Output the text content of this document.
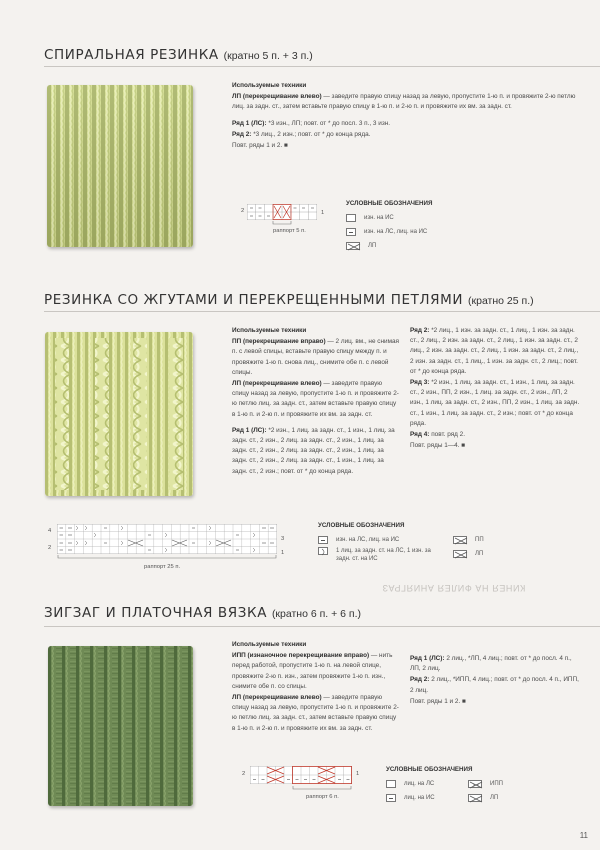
СПИРАЛЬНАЯ РЕЗИНКА (кратно 5 п. + 3 п.)

Используемые техники

ЛП (перекрещивание влево) — заведите правую спицу назад за левую, пропустите 1-ю п. и провяжите 2-ю петлю лиц. за задн. ст., затем вставьте правую спицу в 1-ю п. и 2-ю п. и провяжите их вм. за задн. ст.

Ряд 1 (ЛС): *3 изн., ЛП; повт. от * до посл. 3 п., 3 изн.

Ряд 2: *3 лиц., 2 изн.; повт. от * до конца ряда.

Повт. ряды 1 и 2. ■

2	1
раппорт 5 п.
УСЛОВНЫЕ ОБОЗНАЧЕНИЯ
изн. на ИС
изн. на ЛС, лиц. на ИС
ЛП
РЕЗИНКА СО ЖГУТАМИ И ПЕРЕКРЕЩЕННЫМИ ПЕТЛЯМИ (кратно 25 п.)

Используемые техники

ПП (перекрещивание вправо) — 2 лиц. вм., не снимая п. с левой спицы, вставьте правую спицу между п. и провяжите 1-ю п. снова лиц., снимите обе п. с левой спицы.

ЛП (перекрещивание влево) — заведите правую спицу назад за левую, пропустите 1-ю п. и провяжите 2-ю петлю лиц. за задн. ст., затем вставьте правую спицу в 1-ю п. и 2-ю п. и провяжите их вм. за задн. ст.

Ряд 1 (ЛС): *2 изн., 1 лиц. за задн. ст., 1 изн., 1 лиц. за задн. ст., 2 изн., 2 лиц. за задн. ст., 2 изн., 1 лиц. за задн. ст., 2 изн., 2 лиц. за задн. ст., 2 изн., 1 лиц. за задн. ст., 2 изн., 2 лиц. за задн. ст., 1 изн., 1 лиц. за задн. ст., 2 изн.; повт. от * до конца ряда.

Ряд 2: *2 лиц., 1 изн. за задн. ст., 1 лиц., 1 изн. за задн. ст., 2 лиц., 2 изн. за задн. ст., 2 лиц., 1 изн. за задн. ст., 2 лиц., 2 изн. за задн. ст., 2 лиц., 1 изн. за задн. ст., 2 лиц., 2 изн. за задн. ст., 1 лиц., 1 изн. за задн. ст., 2 лиц.; повт. от * до конца ряда.

Ряд 3: *2 изн., 1 лиц. за задн. ст., 1 изн., 1 лиц. за задн. ст., 2 изн., ПП, 2 изн., 1 лиц. за задн. ст., 2 изн., ЛП, 2 изн., 1 лиц. за задн. ст., 2 изн., ПП, 2 изн., 1 лиц. за задн. ст., 1 изн., 1 лиц. за задн. ст., 2 изн.; повт. от * до конца ряда.

Ряд 4: повт. ряд 2.

Повт. ряды 1—4. ■

4
2
3
1
раппорт 25 п.
УСЛОВНЫЕ ОБОЗНАЧЕНИЯ
изн. на ЛС, лиц. на ИС
1 лиц. за задн. ст. на ЛС, 1 изн. за задн. ст. на ИС
ПП
ЛП
КИНЕЯ НА ФИЛЕЯ АНИЯГРАЗ
ЗИГЗАГ И ПЛАТОЧНАЯ ВЯЗКА (кратно 6 п. + 6 п.)

Используемые техники

ИПП (изнаночное перекрещивание вправо) — нить перед работой, пропустите 1-ю п. на левой спице, провяжите 2-ю п. изн., затем провяжите 1-ю п. изн., снимите обе п. со спицы.

ЛП (перекрещивание влево) — заведите правую спицу назад за левую, пропустите 1-ю п. и провяжите 2-ю петлю лиц. за задн. ст., затем вставьте правую спицу в 1-ю п. и 2-ю п. и провяжите их вм. за задн. ст.

Ряд 1 (ЛС): 2 лиц., *ЛП, 4 лиц.; повт. от * до посл. 4 п., ЛП, 2 лиц.

Ряд 2: 2 лиц., *ИПП, 4 лиц.; повт. от * до посл. 4 п., ИПП, 2 лиц.

Повт. ряды 1 и 2. ■

2	1
раппорт 6 п.
УСЛОВНЫЕ ОБОЗНАЧЕНИЯ
лиц. на ЛС
лиц. на ИС
ИПП
ЛП
11
